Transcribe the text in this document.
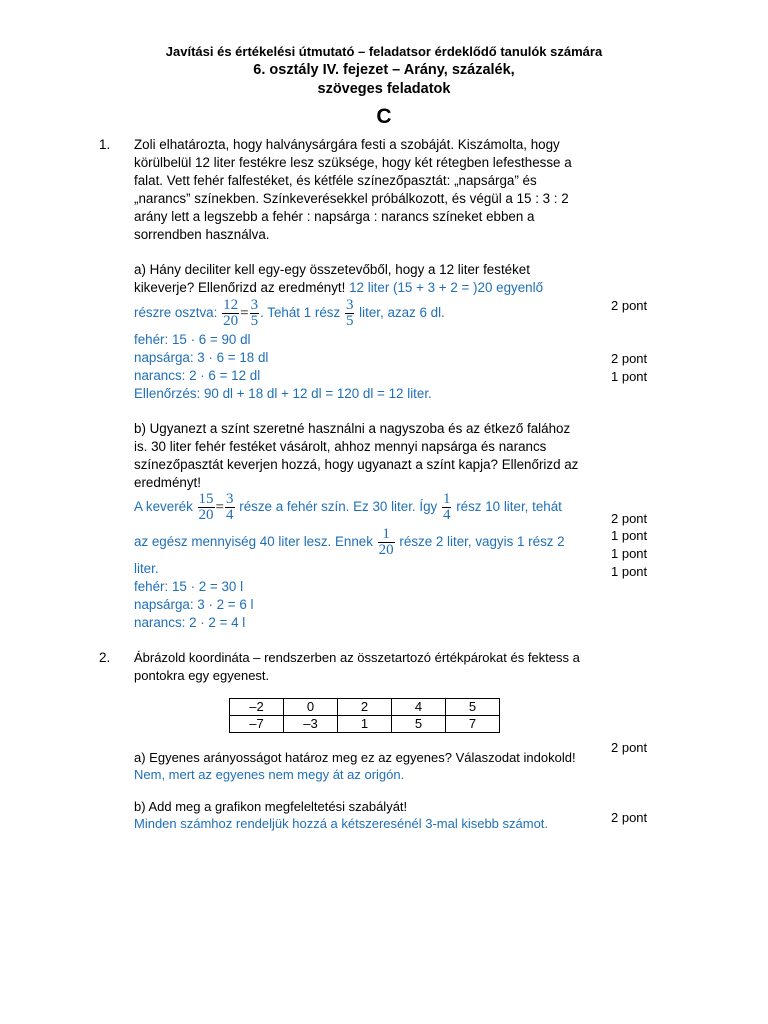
Javítási és értékelési útmutató – feladatsor érdeklődő tanulók számára
6. osztály IV. fejezet – Arány, százalék,
szöveges feladatok
C
1. Zoli elhatározta, hogy halványsárgára festi a szobáját. Kiszámolta, hogy
körülbelül 12 liter festékre lesz szüksége, hogy két rétegben lefesthesse a
falat. Vett fehér falfestéket, és kétféle színezőpasztát: „napsárga” és
„narancs” színekben. Színkeverésekkel próbálkozott, és végül a 15 : 3 : 2
arány lett a legszebb a fehér : napsárga : narancs színeket ebben a
sorrendben használva.
a) Hány deciliter kell egy-egy összetevőből, hogy a 12 liter festéket
kikeverje? Ellenőrizd az eredményt! 12 liter (15 + 3 + 2 = )20 egyenlő
részre osztva: $\frac{12}{20} = \frac{3}{5}$ . Tehát 1 rész $\frac{3}{5}$ liter, azaz 6 dl.
fehér: 15 · 6 = 90 dl
napsárga: 3 · 6 = 18 dl
narancs: 2 · 6 = 12 dl
Ellenőrzés: 90 dl + 18 dl + 12 dl = 120 dl = 12 liter.
2 pont
2 pont
1 pont
b) Ugyanezt a színt szeretné használni a nagyszoba és az étkező falához
is. 30 liter fehér festéket vásárolt, ahhoz mennyi napsárga és narancs
színezőpasztát keverjen hozzá, hogy ugyanazt a színt kapja? Ellenőrizd az
eredményt!
A keverék $\frac{15}{20} = \frac{3}{4}$ része a fehér szín. Ez 30 liter. Így $\frac{1}{4}$ rész 10 liter, tehát
az egész mennyiség 40 liter lesz. Ennek $\frac{1}{20}$ része 2 liter, vagyis 1 rész 2
liter.
fehér: 15 · 2 = 30 l
napsárga: 3 · 2 = 6 l
narancs: 2 · 2 = 4 l
2 pont
1 pont
1 pont
1 pont
2. Ábrázold koordináta – rendszerben az összetartozó értékpárokat és fektess a
pontokra egy egyenest.
–2	0	2	4	5
–7	–3	1	5	7
a) Egyenes arányosságot határoz meg ez az egyenes? Válaszodat indokold!
Nem, mert az egyenes nem megy át az origón.
2 pont
b) Add meg a grafikon megfeleltetési szabályát!
Minden számhoz rendeljük hozzá a kétszeresénél 3-mal kisebb számot.	2 pont
